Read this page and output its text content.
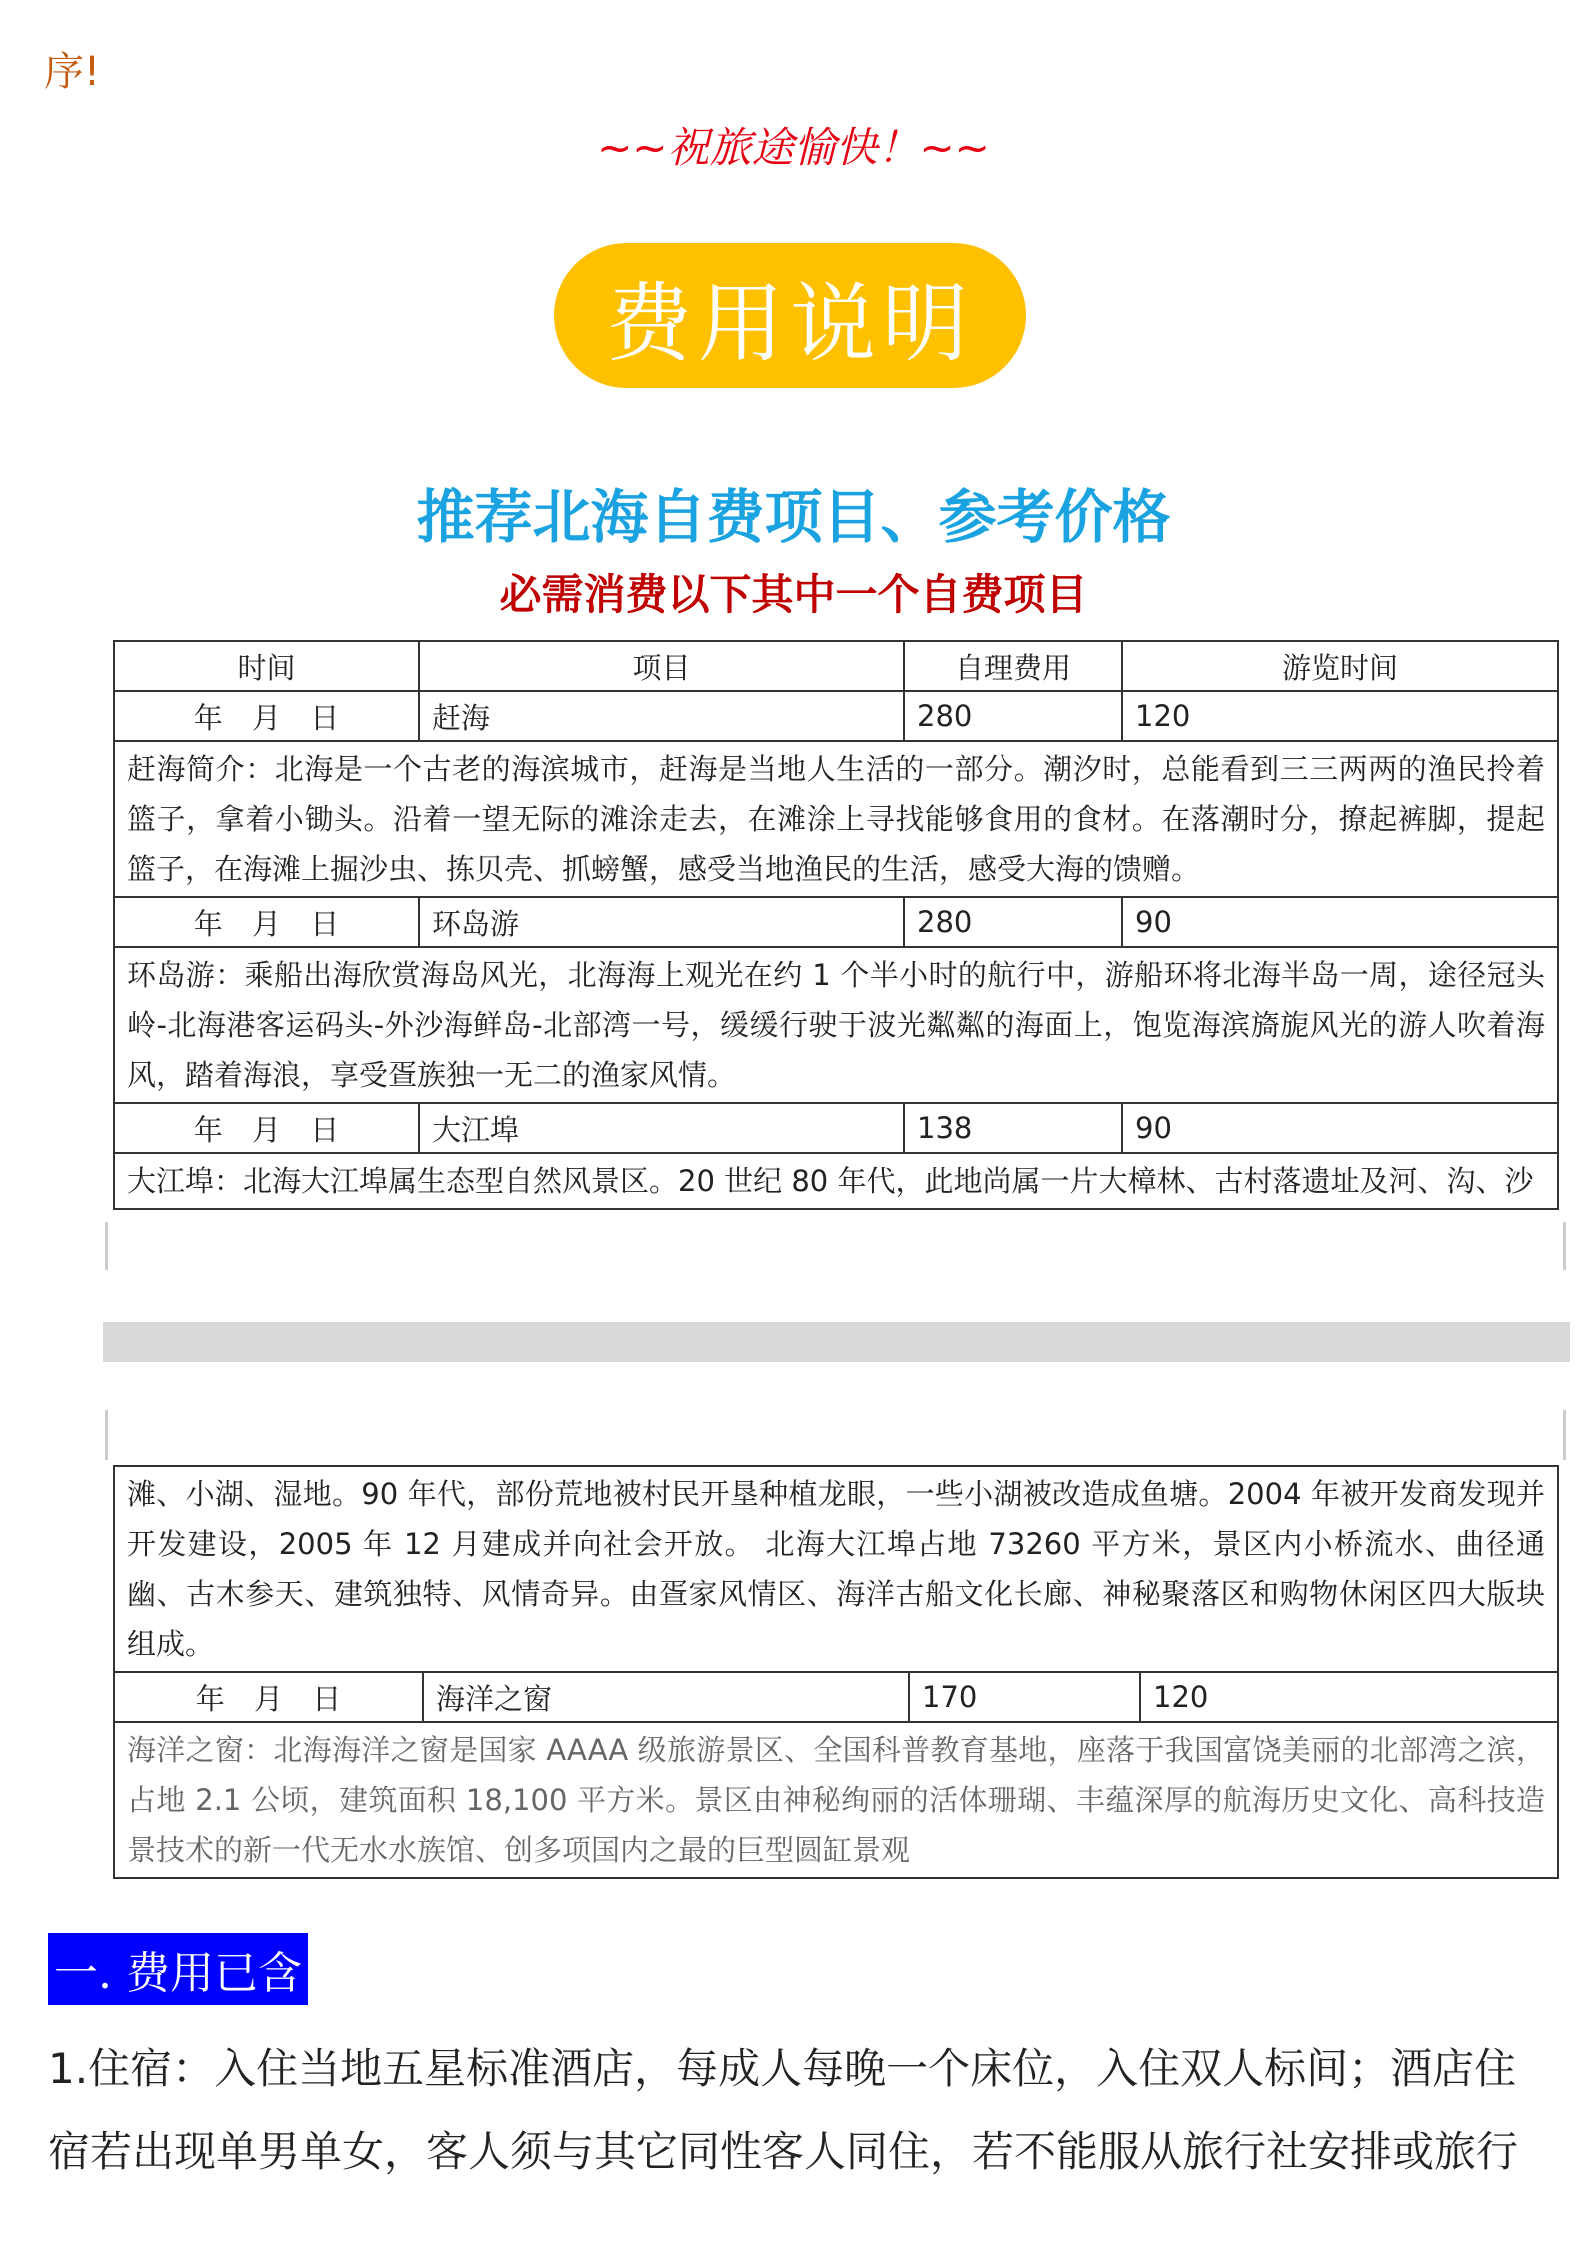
序!
~~祝旅途愉快！~~
费用说明
推荐北海自费项目、参考价格
必需消费以下其中一个自费项目
时间	项目	自理费用	游览时间
年 月 日	赶海	280	120
赶海简介：北海是一个古老的海滨城市，赶海是当地人生活的一部分。潮汐时，总能看到三三两两的渔民拎着篮子，拿着小锄头。沿着一望无际的滩涂走去，在滩涂上寻找能够食用的食材。在落潮时分，撩起裤脚，提起篮子，在海滩上掘沙虫、拣贝壳、抓螃蟹，感受当地渔民的生活，感受大海的馈赠。			
年 月 日	环岛游	280	90
环岛游：乘船出海欣赏海岛风光，北海海上观光在约 1 个半小时的航行中，游船环将北海半岛一周，途径冠头岭-北海港客运码头-外沙海鲜岛-北部湾一号，缓缓行驶于波光粼粼的海面上，饱览海滨旖旎风光的游人吹着海风，踏着海浪，享受疍族独一无二的渔家风情。			
年 月 日	大江埠	138	90
大江埠：北海大江埠属生态型自然风景区。20 世纪 80 年代，此地尚属一片大樟林、古村落遗址及河、沟、沙			
滩、小湖、湿地。90 年代，部份荒地被村民开垦种植龙眼，一些小湖被改造成鱼塘。2004 年被开发商发现并开发建设，2005 年 12 月建成并向社会开放。 北海大江埠占地 73260 平方米，景区内小桥流水、曲径通幽、古木参天、建筑独特、风情奇异。由疍家风情区、海洋古船文化长廊、神秘聚落区和购物休闲区四大版块组成。
年 月 日	海洋之窗	170	120
海洋之窗：北海海洋之窗是国家 AAAA 级旅游景区、全国科普教育基地，座落于我国富饶美丽的北部湾之滨，占地 2.1 公顷，建筑面积 18,100 平方米。景区由神秘绚丽的活体珊瑚、丰蕴深厚的航海历史文化、高科技造景技术的新一代无水水族馆、创多项国内之最的巨型圆缸景观
一. 费用已含
1.住宿：入住当地五星标准酒店，每成人每晚一个床位，入住双人标间；酒店住
宿若出现单男单女，客人须与其它同性客人同住，若不能服从旅行社安排或旅行
